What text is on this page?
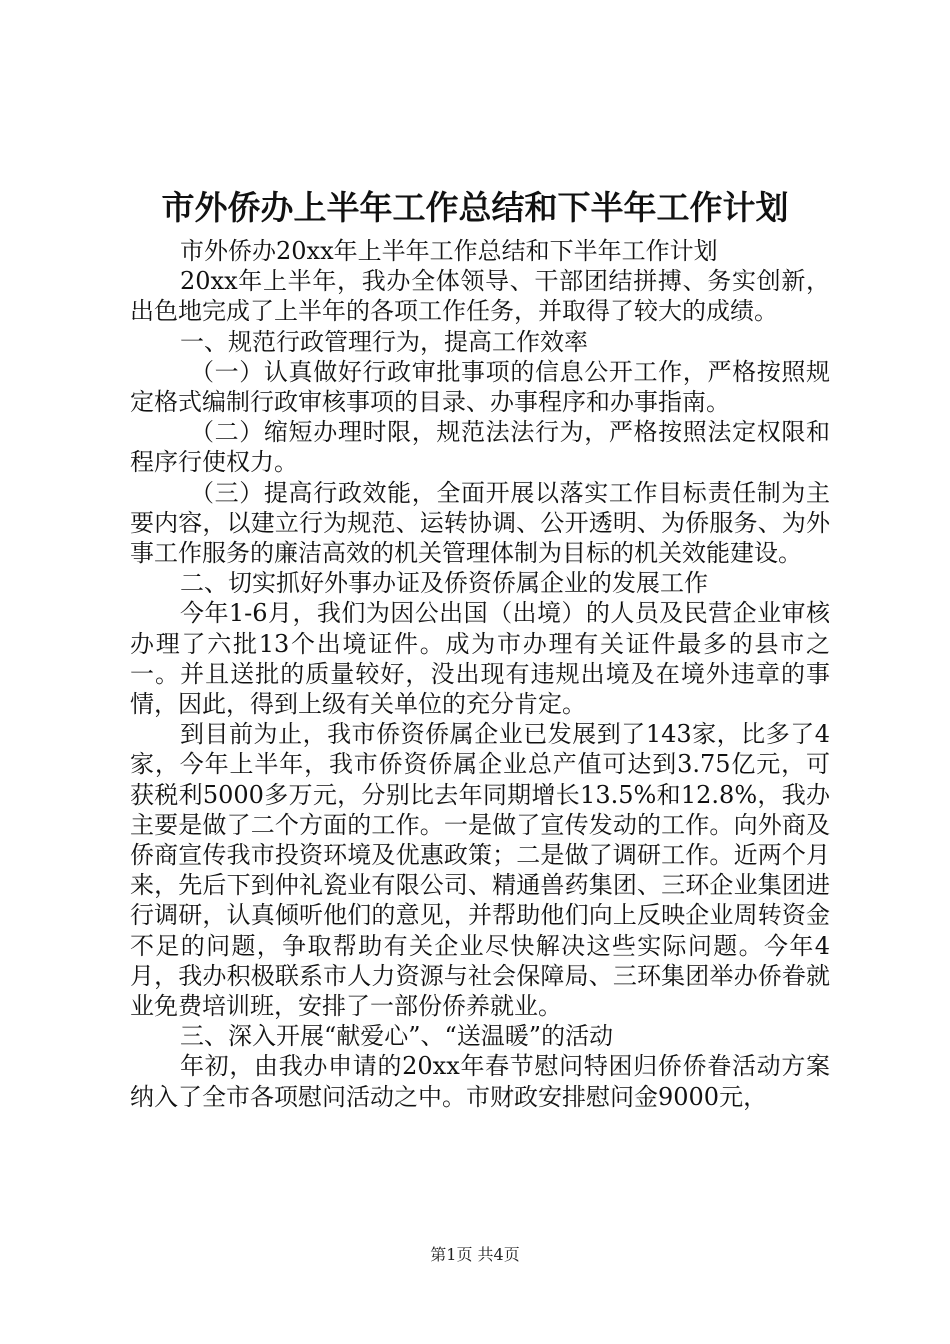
市外侨办上半年工作总结和下半年工作计划

市外侨办20xx年上半年工作总结和下半年工作计划

20xx年上半年，我办全体领导、干部团结拼搏、务实创新，出色地完成了上半年的各项工作任务，并取得了较大的成绩。

一、规范行政管理行为，提高工作效率

（一）认真做好行政审批事项的信息公开工作，严格按照规定格式编制行政审核事项的目录、办事程序和办事指南。

（二）缩短办理时限，规范法法行为，严格按照法定权限和程序行使权力。

（三）提高行政效能，全面开展以落实工作目标责任制为主要内容，以建立行为规范、运转协调、公开透明、为侨服务、为外事工作服务的廉洁高效的机关管理体制为目标的机关效能建设。

二、切实抓好外事办证及侨资侨属企业的发展工作

今年1-6月，我们为因公出国（出境）的人员及民营企业审核办理了六批13个出境证件。成为市办理有关证件最多的县市之一。并且送批的质量较好，没出现有违规出境及在境外违章的事情，因此，得到上级有关单位的充分肯定。

到目前为止，我市侨资侨属企业已发展到了143家，比多了4家，今年上半年，我市侨资侨属企业总产值可达到3.75亿元，可获税利5000多万元，分别比去年同期增长13.5%和12.8%，我办主要是做了二个方面的工作。一是做了宣传发动的工作。向外商及侨商宣传我市投资环境及优惠政策；二是做了调研工作。近两个月来，先后下到仲礼瓷业有限公司、精通兽药集团、三环企业集团进行调研，认真倾听他们的意见，并帮助他们向上反映企业周转资金不足的问题，争取帮助有关企业尽快解决这些实际问题。今年4月，我办积极联系市人力资源与社会保障局、三环集团举办侨眷就业免费培训班，安排了一部份侨养就业。

三、深入开展“献爱心”、“送温暖”的活动

年初，由我办申请的20xx年春节慰问特困归侨侨眷活动方案纳入了全市各项慰问活动之中。市财政安排慰问金9000元，

第1页 共4页
